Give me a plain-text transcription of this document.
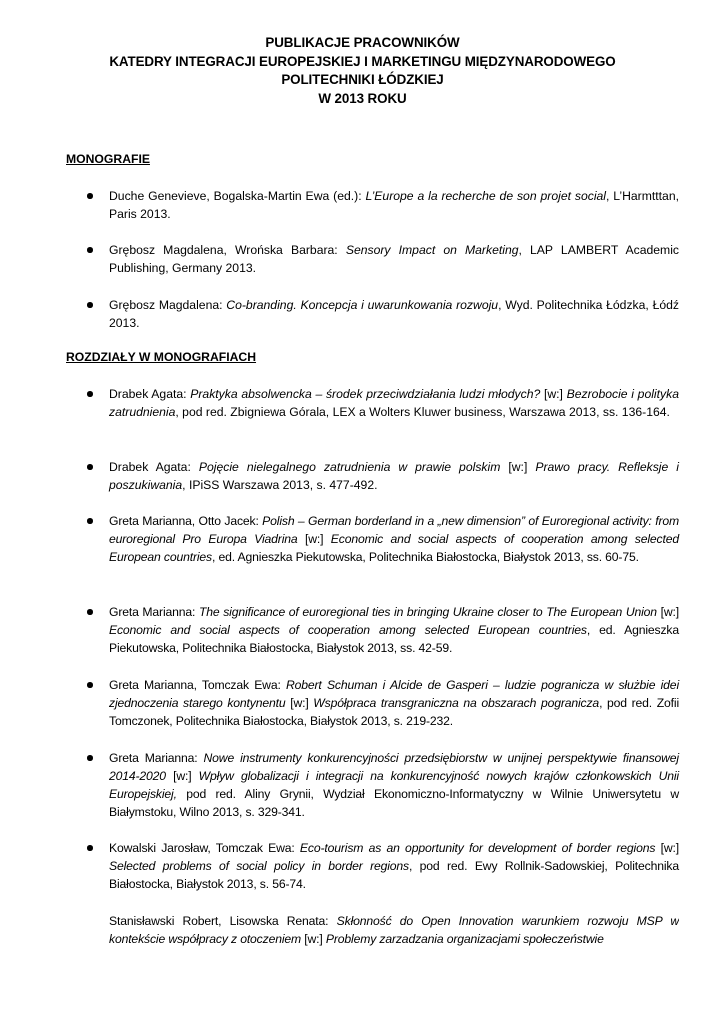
PUBLIKACJE PRACOWNIKÓW
KATEDRY INTEGRACJI EUROPEJSKIEJ I MARKETINGU MIĘDZYNARODOWEGO
POLITECHNIKI ŁÓDZKIEJ
W 2013 ROKU
MONOGRAFIE
Duche Genevieve, Bogalska-Martin Ewa (ed.): L’Europe a la recherche de son projet social, L’Harmtttan, Paris 2013.
Grębosz Magdalena, Wrońska Barbara: Sensory Impact on Marketing, LAP LAMBERT Academic Publishing, Germany 2013.
Grębosz Magdalena: Co-branding. Koncepcja i uwarunkowania rozwoju, Wyd. Politechnika Łódzka, Łódź 2013.
ROZDZIAŁY W MONOGRAFIACH
Drabek Agata: Praktyka absolwencka – środek przeciwdziałania ludzi młodych? [w:] Bezrobocie i polityka zatrudnienia, pod red. Zbigniewa Górala, LEX a Wolters Kluwer business, Warszawa 2013, ss. 136-164.
Drabek Agata: Pojęcie nielegalnego zatrudnienia w prawie polskim [w:] Prawo pracy. Refleksje i poszukiwania, IPiSS Warszawa 2013, s. 477-492.
Greta Marianna, Otto Jacek: Polish – German borderland in a „new dimension” of Euroregional activity: from euroregional Pro Europa Viadrina [w:] Economic and social aspects of cooperation among selected European countries, ed. Agnieszka Piekutowska, Politechnika Białostocka, Białystok 2013, ss. 60-75.
Greta Marianna: The significance of euroregional ties in bringing Ukraine closer to The European Union [w:] Economic and social aspects of cooperation among selected European countries, ed. Agnieszka Piekutowska, Politechnika Białostocka, Białystok 2013, ss. 42-59.
Greta Marianna, Tomczak Ewa: Robert Schuman i Alcide de Gasperi – ludzie pogranicza w służbie idei zjednoczenia starego kontynentu [w:] Współpraca transgraniczna na obszarach pogranicza, pod red. Zofii Tomczonek, Politechnika Białostocka, Białystok 2013, s. 219-232.
Greta Marianna: Nowe instrumenty konkurencyjności przedsiębiorstw w unijnej perspektywie finansowej 2014-2020 [w:] Wpływ globalizacji i integracji na konkurencyjność nowych krajów członkowskich Unii Europejskiej, pod red. Aliny Grynii, Wydział Ekonomiczno-Informatyczny w Wilnie Uniwersytetu w Białymstoku, Wilno 2013, s. 329-341.
Kowalski Jarosław, Tomczak Ewa: Eco-tourism as an opportunity for development of border regions [w:] Selected problems of social policy in border regions, pod red. Ewy Rollnik-Sadowskiej, Politechnika Białostocka, Białystok 2013, s. 56-74.
Stanisławski Robert, Lisowska Renata: Skłonność do Open Innovation warunkiem rozwoju MSP w kontekście współpracy z otoczeniem [w:] Problemy zarzadzania organizacjami społeczeństwie
